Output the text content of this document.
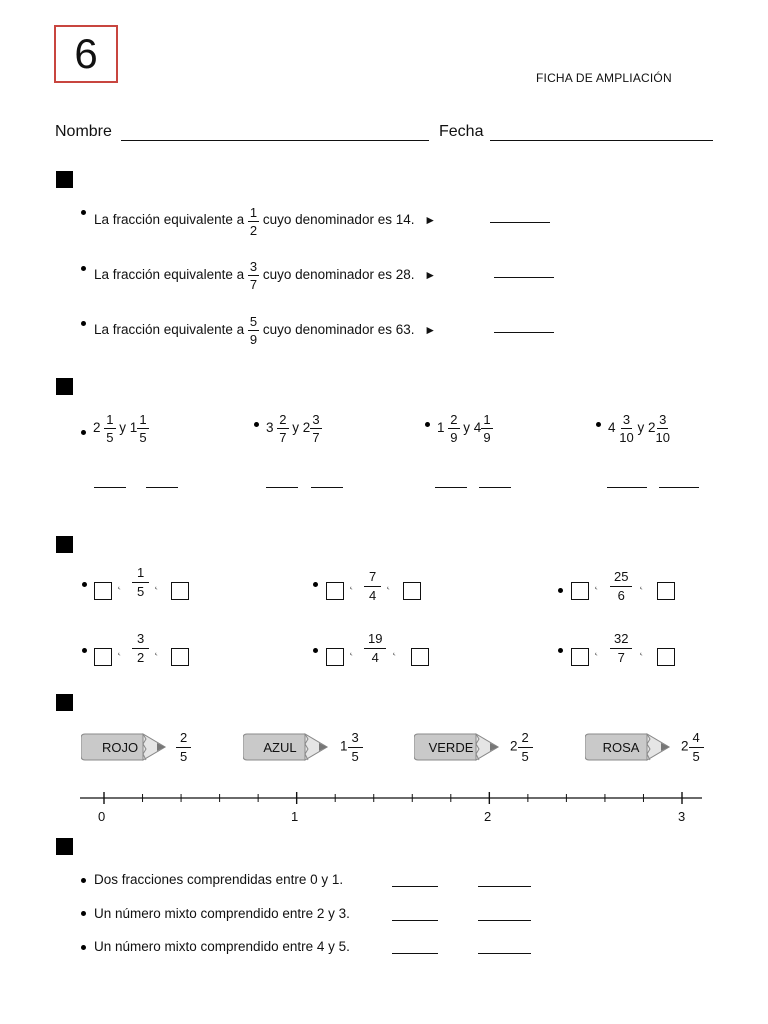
6
FICHA DE AMPLIACIÓN
Nombre	Fecha
La fracción equivalente a $\frac{1}{2}$ cuyo denominador es 14. ►
La fracción equivalente a $\frac{3}{7}$ cuyo denominador es 28. ►
La fracción equivalente a $\frac{5}{9}$ cuyo denominador es 63. ►
$2 \frac{1}{5}$ y $1 \frac{1}{5}$	$3 \frac{2}{7}$ y $2 \frac{3}{7}$	$1 \frac{2}{9}$ y $4 \frac{1}{9}$	$4 \frac{3}{10}$ y $2 \frac{3}{10}$
‹ $\frac{1}{5}$ ‹	‹ $\frac{7}{4}$ ‹	‹ $\frac{25}{6}$ ‹
‹ $\frac{3}{2}$ ‹	‹ $\frac{19}{4}$ ‹	‹ $\frac{32}{7}$ ‹
ROJO	$\frac{2}{5}$	AZUL	$1 \frac{3}{5}$	VERDE	$2 \frac{2}{5}$	ROSA	$2 \frac{4}{5}$
0	1	2	3
Dos fracciones comprendidas entre 0 y 1.
Un número mixto comprendido entre 2 y 3.
Un número mixto comprendido entre 4 y 5.
